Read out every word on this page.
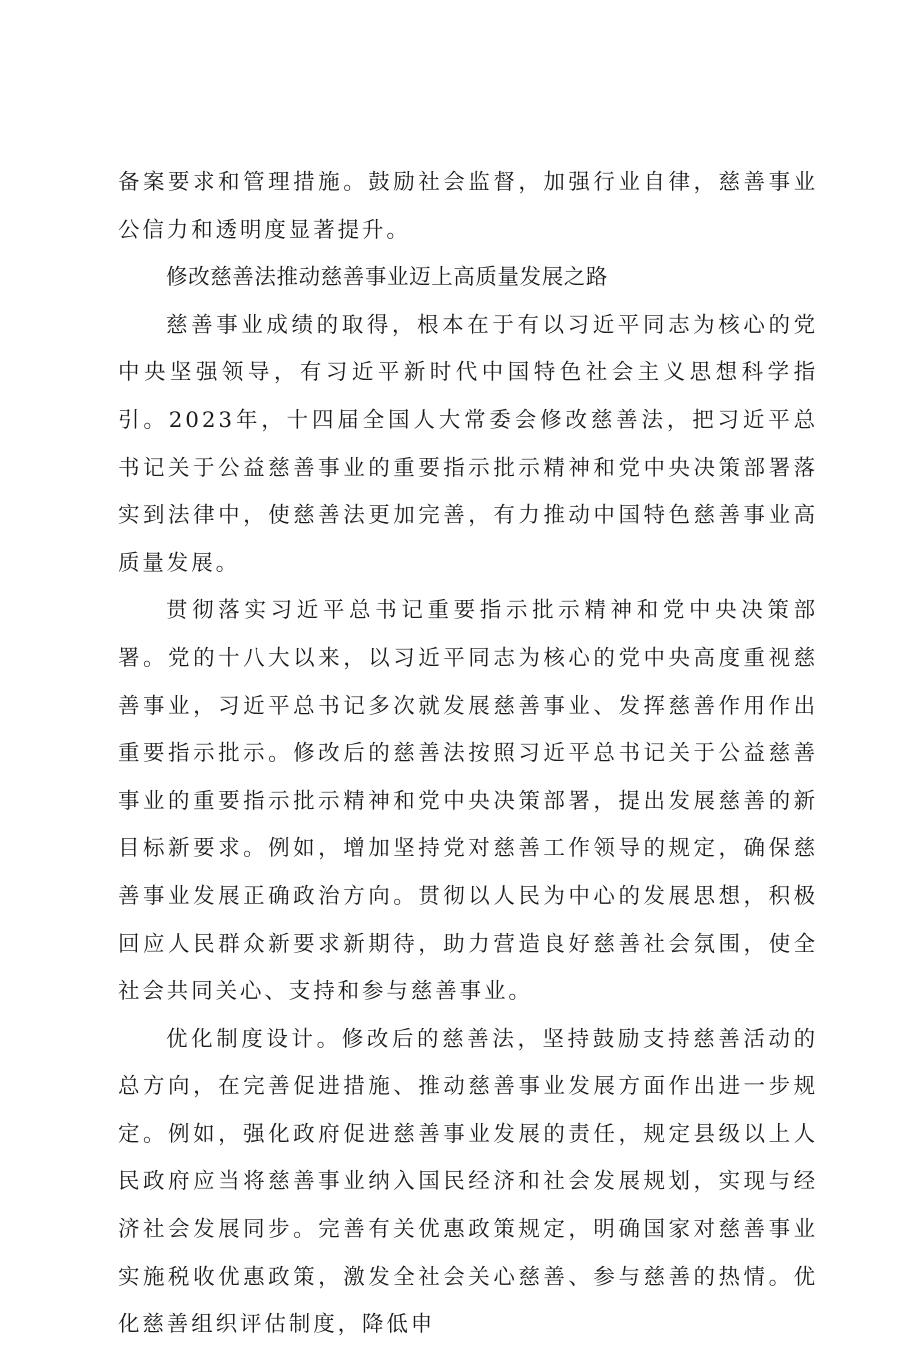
备案要求和管理措施。鼓励社会监督，加强行业自律，慈善事业公信力和透明度显著提升。

修改慈善法推动慈善事业迈上高质量发展之路

慈善事业成绩的取得，根本在于有以习近平同志为核心的党中央坚强领导，有习近平新时代中国特色社会主义思想科学指引。2023年，十四届全国人大常委会修改慈善法，把习近平总书记关于公益慈善事业的重要指示批示精神和党中央决策部署落实到法律中，使慈善法更加完善，有力推动中国特色慈善事业高质量发展。

贯彻落实习近平总书记重要指示批示精神和党中央决策部署。党的十八大以来，以习近平同志为核心的党中央高度重视慈善事业，习近平总书记多次就发展慈善事业、发挥慈善作用作出重要指示批示。修改后的慈善法按照习近平总书记关于公益慈善事业的重要指示批示精神和党中央决策部署，提出发展慈善的新目标新要求。例如，增加坚持党对慈善工作领导的规定，确保慈善事业发展正确政治方向。贯彻以人民为中心的发展思想，积极回应人民群众新要求新期待，助力营造良好慈善社会氛围，使全社会共同关心、支持和参与慈善事业。

优化制度设计。修改后的慈善法，坚持鼓励支持慈善活动的总方向，在完善促进措施、推动慈善事业发展方面作出进一步规定。例如，强化政府促进慈善事业发展的责任，规定县级以上人民政府应当将慈善事业纳入国民经济和社会发展规划，实现与经济社会发展同步。完善有关优惠政策规定，明确国家对慈善事业实施税收优惠政策，激发全社会关心慈善、参与慈善的热情。优化慈善组织评估制度，降低申
